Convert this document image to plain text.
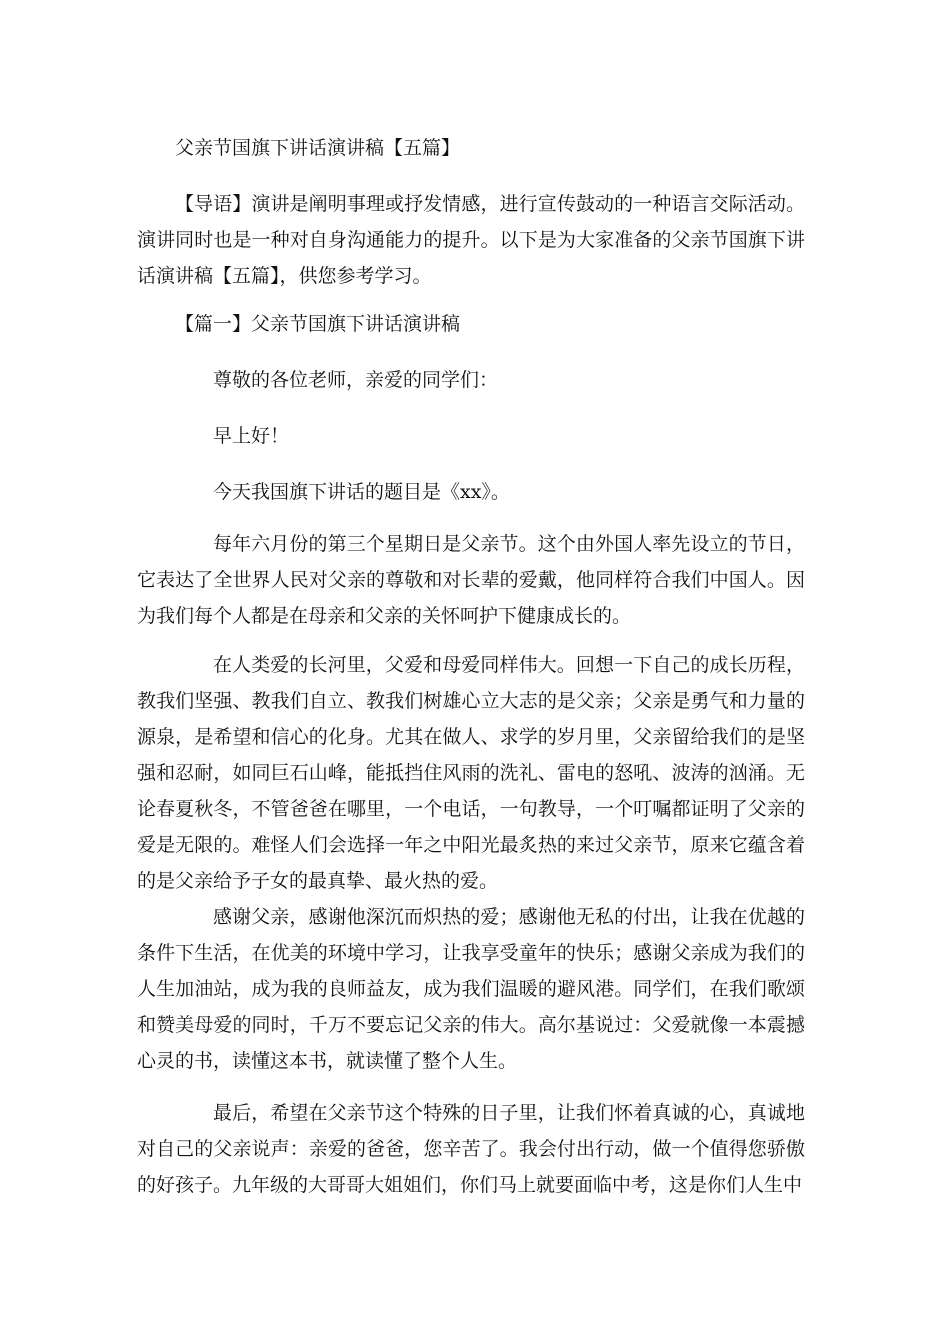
父亲节国旗下讲话演讲稿【五篇】
【导语】演讲是阐明事理或抒发情感，进行宣传鼓动的一种语言交际活动。
演讲同时也是一种对自身沟通能力的提升。以下是为大家准备的父亲节国旗下讲
话演讲稿【五篇】，供您参考学习。
【篇一】父亲节国旗下讲话演讲稿
尊敬的各位老师，亲爱的同学们：
早上好！
今天我国旗下讲话的题目是《xx》。
每年六月份的第三个星期日是父亲节。这个由外国人率先设立的节日，
它表达了全世界人民对父亲的尊敬和对长辈的爱戴，他同样符合我们中国人。因
为我们每个人都是在母亲和父亲的关怀呵护下健康成长的。
在人类爱的长河里，父爱和母爱同样伟大。回想一下自己的成长历程，
教我们坚强、教我们自立、教我们树雄心立大志的是父亲；父亲是勇气和力量的
源泉，是希望和信心的化身。尤其在做人、求学的岁月里，父亲留给我们的是坚
强和忍耐，如同巨石山峰，能抵挡住风雨的洗礼、雷电的怒吼、波涛的汹涌。无
论春夏秋冬，不管爸爸在哪里，一个电话，一句教导，一个叮嘱都证明了父亲的
爱是无限的。难怪人们会选择一年之中阳光最炙热的来过父亲节，原来它蕴含着
的是父亲给予子女的最真挚、最火热的爱。
感谢父亲，感谢他深沉而炽热的爱；感谢他无私的付出，让我在优越的
条件下生活，在优美的环境中学习，让我享受童年的快乐；感谢父亲成为我们的
人生加油站，成为我的良师益友，成为我们温暖的避风港。同学们，在我们歌颂
和赞美母爱的同时，千万不要忘记父亲的伟大。高尔基说过：父爱就像一本震撼
心灵的书，读懂这本书，就读懂了整个人生。
最后，希望在父亲节这个特殊的日子里，让我们怀着真诚的心，真诚地
对自己的父亲说声：亲爱的爸爸，您辛苦了。我会付出行动，做一个值得您骄傲
的好孩子。九年级的大哥哥大姐姐们，你们马上就要面临中考，这是你们人生中
